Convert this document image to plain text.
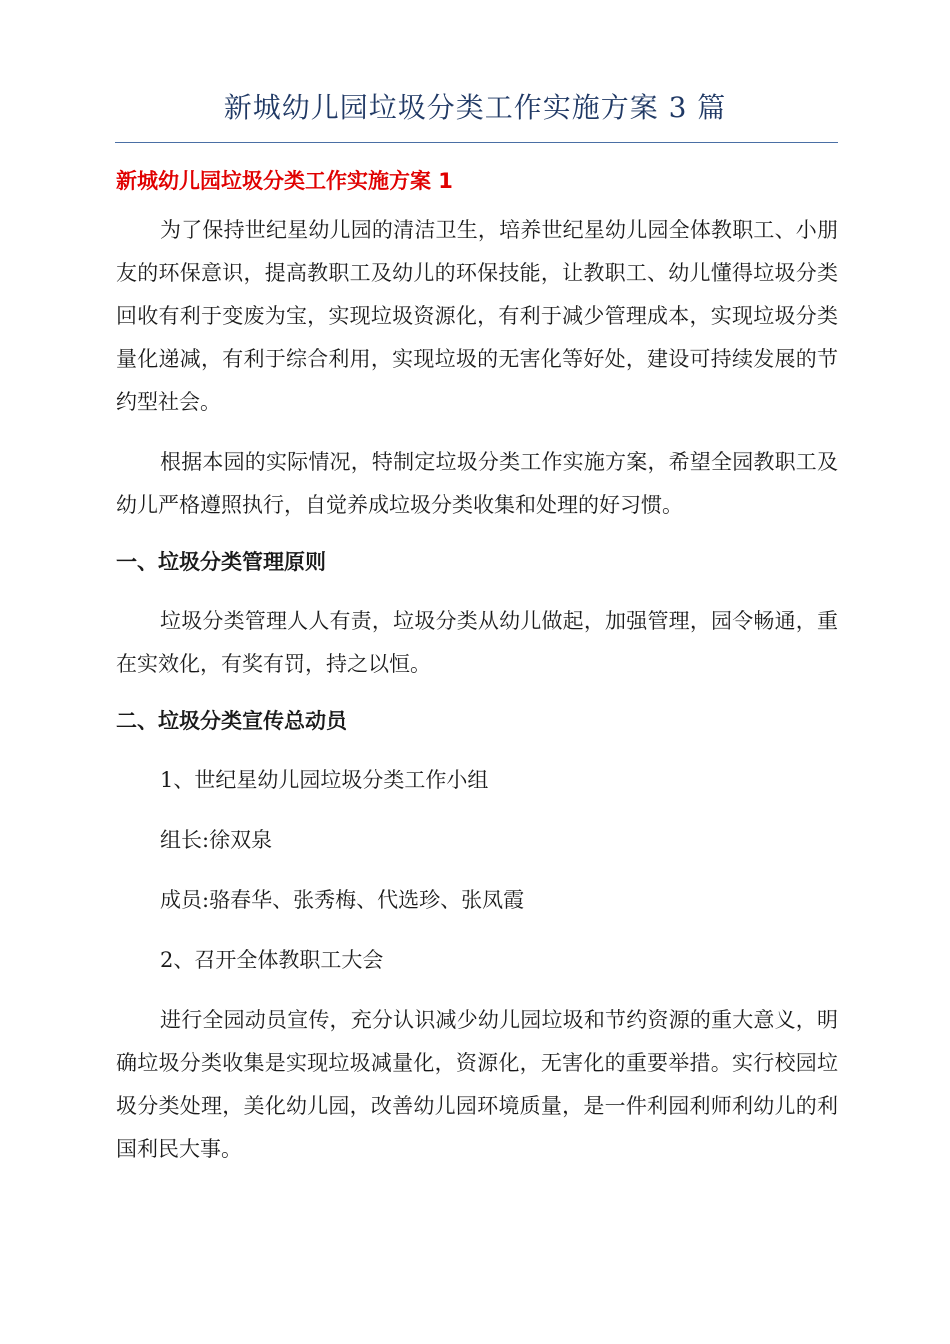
新城幼儿园垃圾分类工作实施方案 3 篇
新城幼儿园垃圾分类工作实施方案 1

为了保持世纪星幼儿园的清洁卫生，培养世纪星幼儿园全体教职工、小朋友的环保意识，提高教职工及幼儿的环保技能，让教职工、幼儿懂得垃圾分类回收有利于变废为宝，实现垃圾资源化，有利于减少管理成本，实现垃圾分类量化递减，有利于综合利用，实现垃圾的无害化等好处，建设可持续发展的节约型社会。

根据本园的实际情况，特制定垃圾分类工作实施方案，希望全园教职工及幼儿严格遵照执行，自觉养成垃圾分类收集和处理的好习惯。

一、垃圾分类管理原则

垃圾分类管理人人有责，垃圾分类从幼儿做起，加强管理，园令畅通，重在实效化，有奖有罚，持之以恒。

二、垃圾分类宣传总动员
1、世纪星幼儿园垃圾分类工作小组
组长:徐双泉
成员:骆春华、张秀梅、代选珍、张凤霞
2、召开全体教职工大会

进行全园动员宣传，充分认识减少幼儿园垃圾和节约资源的重大意义，明确垃圾分类收集是实现垃圾减量化，资源化，无害化的重要举措。实行校园垃圾分类处理，美化幼儿园，改善幼儿园环境质量，是一件利园利师利幼儿的利国利民大事。
